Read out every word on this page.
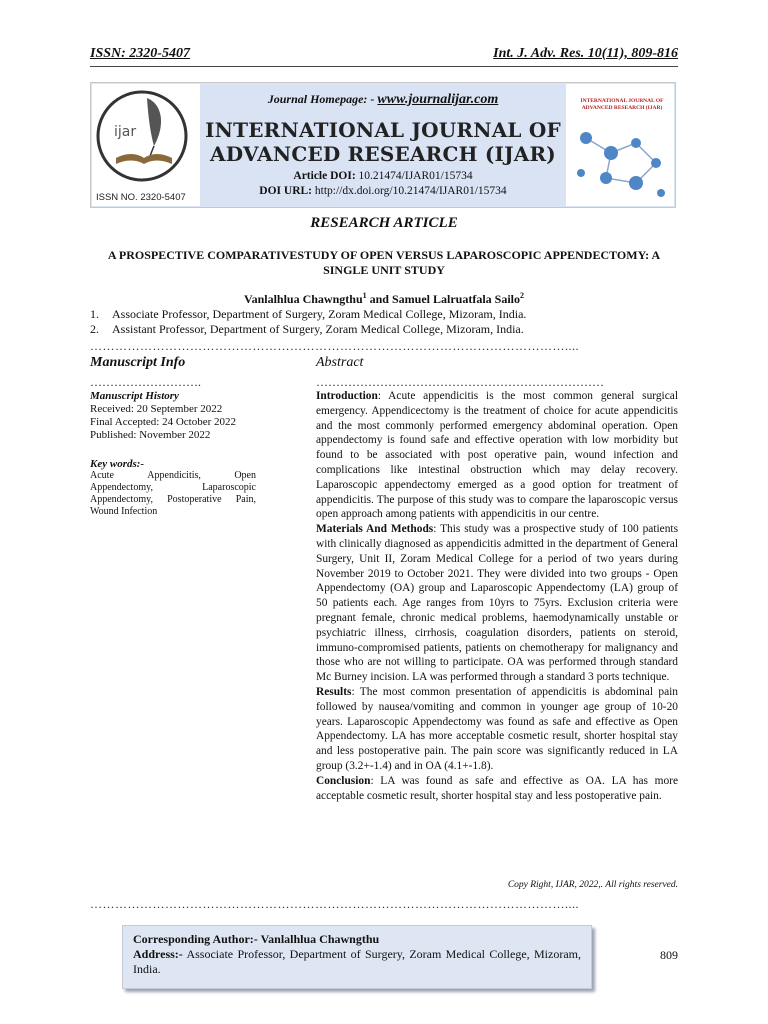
ISSN: 2320-5407	Int. J. Adv. Res. 10(11), 809-816
ijar
ISSN NO. 2320-5407
Journal Homepage: - www.journalijar.com
INTERNATIONAL JOURNAL OF
ADVANCED RESEARCH (IJAR)
Article DOI: 10.21474/IJAR01/15734
DOI URL: http://dx.doi.org/10.21474/IJAR01/15734
INTERNATIONAL JOURNAL OF ADVANCED RESEARCH (IJAR)
RESEARCH ARTICLE
A PROSPECTIVE COMPARATIVESTUDY OF OPEN VERSUS LAPAROSCOPIC APPENDECTOMY: A
SINGLE UNIT STUDY
Vanlalhlua Chawngthu$^1$ and Samuel Lalruatfala Sailo$^2$
1. Associate Professor, Department of Surgery, Zoram Medical College, Mizoram, India.
2. Assistant Professor, Department of Surgery, Zoram Medical College, Mizoram, India.
……………………………………………………………………………………………………....
Manuscript Info
……………………….
Manuscript History
Received: 20 September 2022
Final Accepted: 24 October 2022
Published: November 2022
Key words:-
Acute	Appendicitis,	Open
Appendectomy,	Laparoscopic
Appendectomy, Postoperative Pain,
Wound Infection
Abstract
………………………………………………………………

Introduction: Acute appendicitis is the most common general surgical emergency. Appendicectomy is the treatment of choice for acute appendicitis and the most commonly performed emergency abdominal operation. Open appendectomy is found safe and effective operation with low morbidity but found to be associated with post operative pain, wound infection and complications like intestinal obstruction which may delay recovery. Laparoscopic appendectomy emerged as a good option for treatment of appendicitis. The purpose of this study was to compare the laparoscopic versus open approach among patients with appendicitis in our centre.

Materials And Methods: This study was a prospective study of 100 patients with clinically diagnosed as appendicitis admitted in the department of General Surgery, Unit II, Zoram Medical College for a period of two years during November 2019 to October 2021. They were divided into two groups - Open Appendectomy (OA) group and Laparoscopic Appendectomy (LA) group of 50 patients each. Age ranges from 10yrs to 75yrs. Exclusion criteria were pregnant female, chronic medical problems, haemodynamically unstable or psychiatric illness, cirrhosis, coagulation disorders, patients on steroid, immuno-compromised patients, patients on chemotherapy for malignancy and those who are not willing to participate. OA was performed through standard Mc Burney incision. LA was performed through a standard 3 ports technique.

Results: The most common presentation of appendicitis is abdominal pain followed by nausea/vomiting and common in younger age group of 10-20 years. Laparoscopic Appendectomy was found as safe and effective as Open Appendectomy. LA has more acceptable cosmetic result, shorter hospital stay and less postoperative pain. The pain score was significantly reduced in LA group (3.2+-1.4) and in OA (4.1+-1.8).

Conclusion: LA was found as safe and effective as OA. LA has more acceptable cosmetic result, shorter hospital stay and less postoperative pain.

Copy Right, IJAR, 2022,. All rights reserved.
……………………………………………………………………………………………………....
Corresponding Author:- Vanlalhlua Chawngthu
Address:- Associate Professor, Department of Surgery, Zoram Medical College, Mizoram, India.
809
